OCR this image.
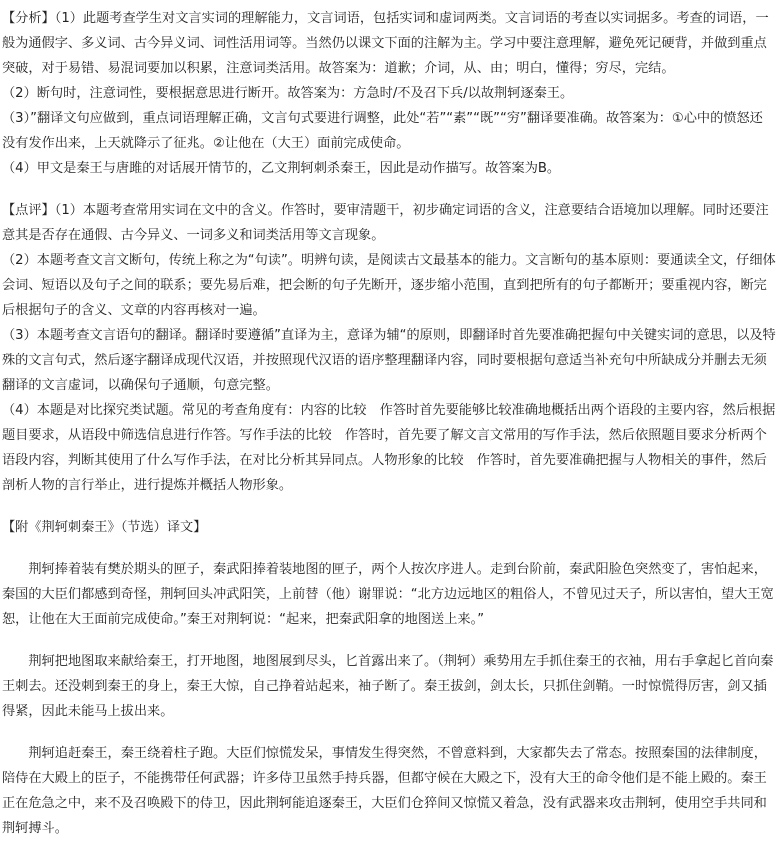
【分析】（1）此题考查学生对文言实词的理解能力，文言词语，包括实词和虚词两类。文言词语的考查以实词据多。考查的词语，一般为通假字、多义词、古今异义词、词性活用词等。当然仍以课文下面的注解为主。学习中要注意理解，避免死记硬背，并做到重点突破，对于易错、易混词要加以积累，注意词类活用。故答案为：道歉；介词，从、由；明白，懂得；穷尽，完结。

（2）断句时，注意词性，要根据意思进行断开。故答案为：方急时/不及召下兵/以故荆轲逐秦王。

（3）”翻译文句应做到，重点词语理解正确，文言句式要进行调整，此处“若”“素”“既”“穷”翻译要准确。故答案为：①心中的愤怒还没有发作出来，上天就降示了征兆。②让他在（大王）面前完成使命。

（4）甲文是秦王与唐雎的对话展开情节的，乙文荆轲刺杀秦王，因此是动作描写。故答案为B。

【点评】（1）本题考查常用实词在文中的含义。作答时，要审清题干，初步确定词语的含义，注意要结合语境加以理解。同时还要注意其是否存在通假、古今异义、一词多义和词类活用等文言现象。

（2）本题考查文言文断句，传统上称之为“句读”。明辨句读，是阅读古文最基本的能力。文言断句的基本原则：要通读全文，仔细体会词、短语以及句子之间的联系；要先易后难，把会断的句子先断开，逐步缩小范围，直到把所有的句子都断开；要重视内容，断完后根据句子的含义、文章的内容再核对一遍。

（3）本题考查文言语句的翻译。翻译时要遵循”直译为主，意译为辅“的原则，即翻译时首先要准确把握句中关键实词的意思，以及特殊的文言句式，然后逐字翻译成现代汉语，并按照现代汉语的语序整理翻译内容，同时要根据句意适当补充句中所缺成分并删去无须翻译的文言虚词，以确保句子通顺，句意完整。

（4）本题是对比探究类试题。常见的考查角度有：内容的比较　作答时首先要能够比较准确地概括出两个语段的主要内容，然后根据题目要求，从语段中筛选信息进行作答。写作手法的比较　作答时，首先要了解文言文常用的写作手法，然后依照题目要求分析两个语段内容，判断其使用了什么写作手法，在对比分析其异同点。人物形象的比较　作答时，首先要准确把握与人物相关的事件，然后剖析人物的言行举止，进行提炼并概括人物形象。

【附《荆轲刺秦王》（节选）译文】

荆轲捧着装有樊於期头的匣子，秦武阳捧着装地图的匣子，两个人按次序进人。走到台阶前，秦武阳脸色突然变了，害怕起来，秦国的大臣们都感到奇怪，荆轲回头冲武阳笑，上前替（他）谢罪说：“北方边远地区的粗俗人，不曾见过天子，所以害怕，望大王宽恕，让他在大王面前完成使命。”秦王对荆轲说：“起来，把秦武阳拿的地图送上来。”

荆轲把地图取来献给秦王，打开地图，地图展到尽头，匕首露出来了。（荆轲）乘势用左手抓住秦王的衣袖，用右手拿起匕首向秦王刺去。还没刺到秦王的身上，秦王大惊，自己挣着站起来，袖子断了。秦王拔剑，剑太长，只抓住剑鞘。一时惊慌得厉害，剑又插得紧，因此未能马上拔出来。

荆轲追赶秦王，秦王绕着柱子跑。大臣们惊慌发呆，事情发生得突然，不曾意料到，大家都失去了常态。按照秦国的法律制度，陪侍在大殿上的臣子，不能携带任何武器；许多侍卫虽然手持兵器，但都守候在大殿之下，没有大王的命令他们是不能上殿的。秦王正在危急之中，来不及召唤殿下的侍卫，因此荆轲能追逐秦王，大臣们仓猝间又惊慌又着急，没有武器来攻击荆轲，使用空手共同和荆轲搏斗。
